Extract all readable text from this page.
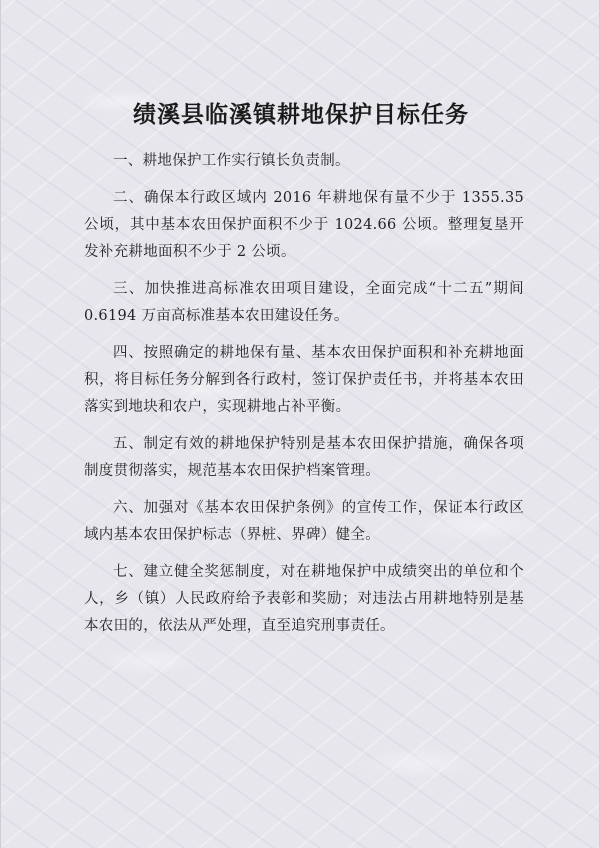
绩溪县临溪镇耕地保护目标任务

一、耕地保护工作实行镇长负责制。

二、确保本行政区域内 2016 年耕地保有量不少于 1355.35 公顷，其中基本农田保护面积不少于 1024.66 公顷。整理复垦开发补充耕地面积不少于 2 公顷。

三、加快推进高标准农田项目建设，全面完成“十二五”期间 0.6194 万亩高标准基本农田建设任务。

四、按照确定的耕地保有量、基本农田保护面积和补充耕地面积，将目标任务分解到各行政村，签订保护责任书，并将基本农田落实到地块和农户，实现耕地占补平衡。

五、制定有效的耕地保护特别是基本农田保护措施，确保各项制度贯彻落实，规范基本农田保护档案管理。

六、加强对《基本农田保护条例》的宣传工作，保证本行政区域内基本农田保护标志（界桩、界碑）健全。

七、建立健全奖惩制度，对在耕地保护中成绩突出的单位和个人，乡（镇）人民政府给予表彰和奖励；对违法占用耕地特别是基本农田的，依法从严处理，直至追究刑事责任。
